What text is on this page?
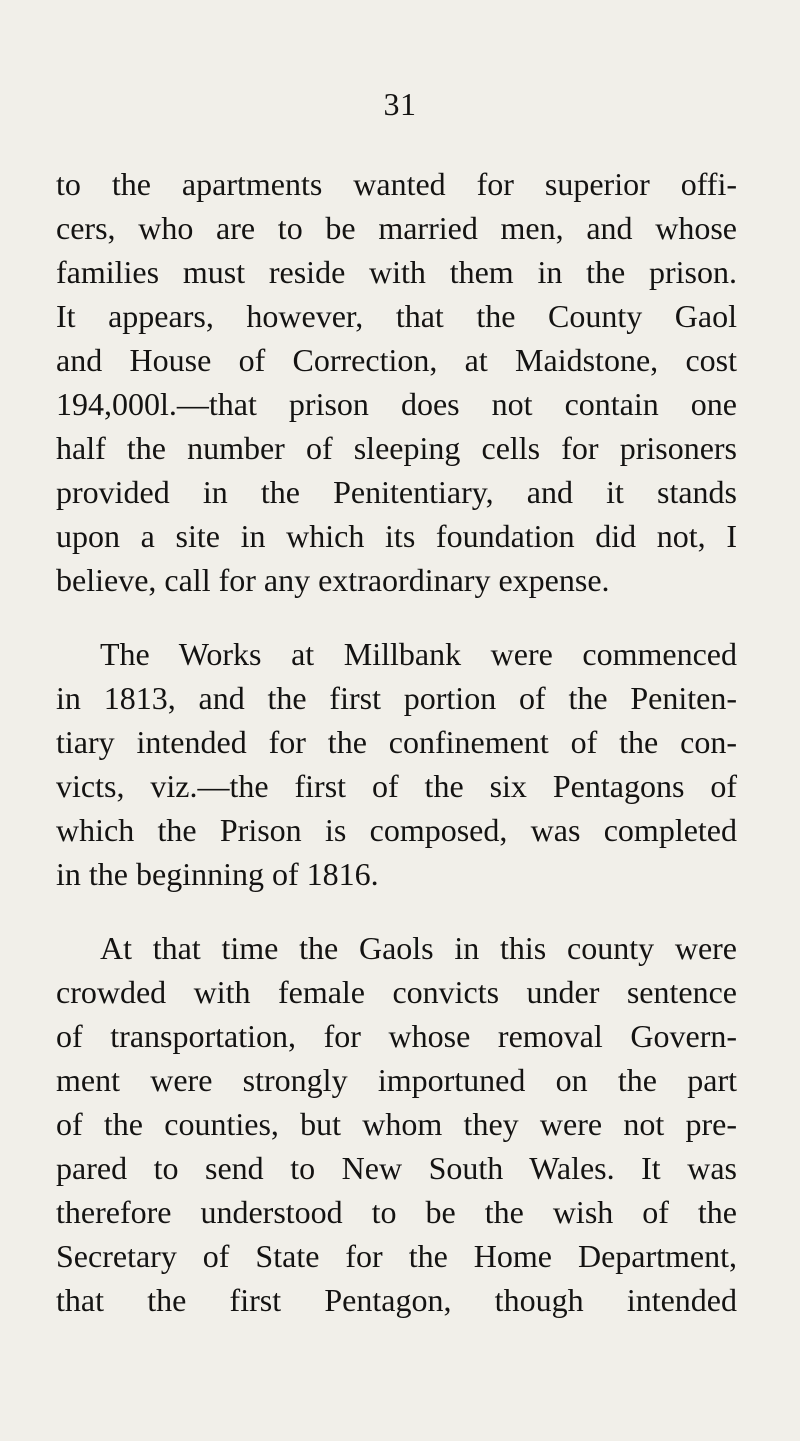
31
to the apartments wanted for superior offi-
cers, who are to be married men, and whose
families must reside with them in the prison.
It appears, however, that the County Gaol
and House of Correction, at Maidstone, cost
194,000l.—that prison does not contain one
half the number of sleeping cells for prisoners
provided in the Penitentiary, and it stands
upon a site in which its foundation did not, I
believe, call for any extraordinary expense.
The Works at Millbank were commenced
in 1813, and the first portion of the Peniten-
tiary intended for the confinement of the con-
victs, viz.—the first of the six Pentagons of
which the Prison is composed, was completed
in the beginning of 1816.
At that time the Gaols in this county were
crowded with female convicts under sentence
of transportation, for whose removal Govern-
ment were strongly importuned on the part
of the counties, but whom they were not pre-
pared to send to New South Wales. It was
therefore understood to be the wish of the
Secretary of State for the Home Department,
that the first Pentagon, though intended
